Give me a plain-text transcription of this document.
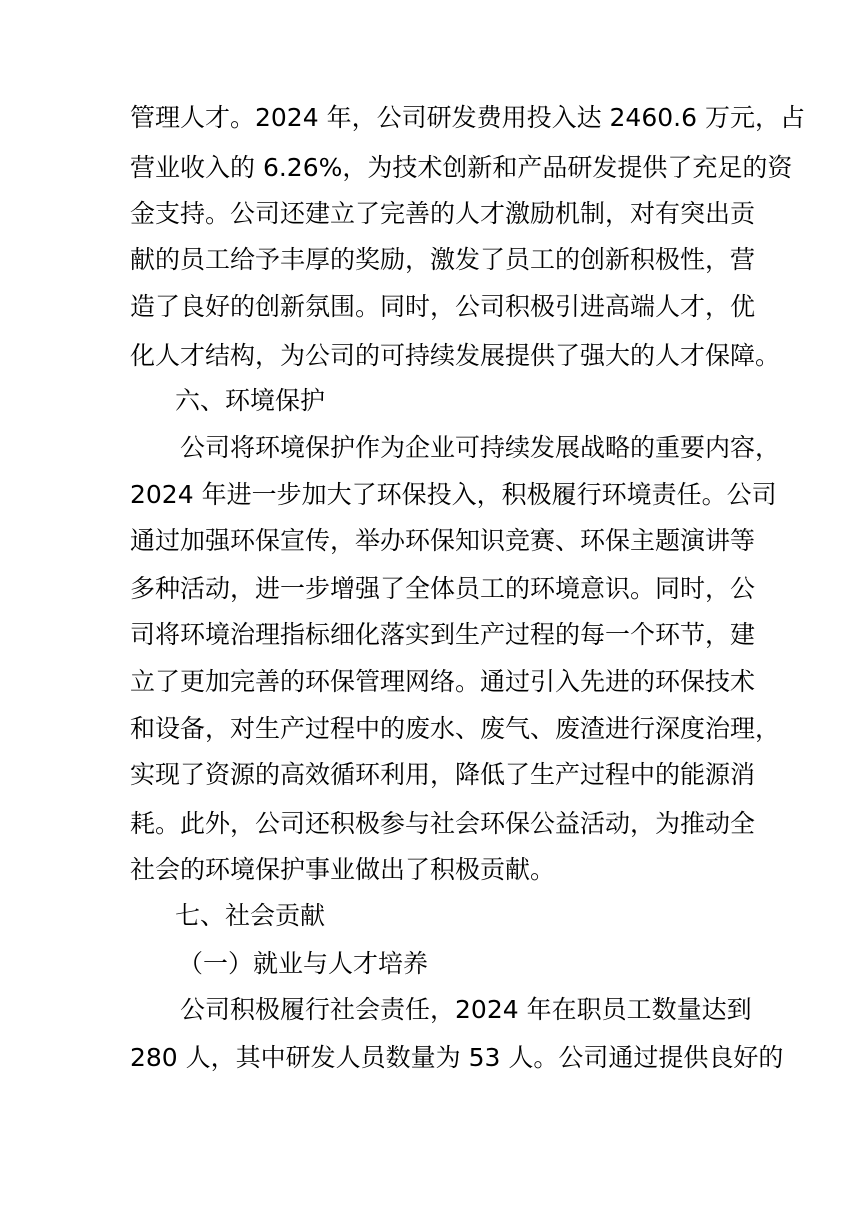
管理人才。2024 年，公司研发费用投入达 2460.6 万元，占
营业收入的 6.26%，为技术创新和产品研发提供了充足的资
金支持。公司还建立了完善的人才激励机制，对有突出贡
献的员工给予丰厚的奖励，激发了员工的创新积极性，营
造了良好的创新氛围。同时，公司积极引进高端人才，优
化人才结构，为公司的可持续发展提供了强大的人才保障。
六、环境保护
公司将环境保护作为企业可持续发展战略的重要内容，
2024 年进一步加大了环保投入，积极履行环境责任。公司
通过加强环保宣传，举办环保知识竞赛、环保主题演讲等
多种活动，进一步增强了全体员工的环境意识。同时，公
司将环境治理指标细化落实到生产过程的每一个环节，建
立了更加完善的环保管理网络。通过引入先进的环保技术
和设备，对生产过程中的废水、废气、废渣进行深度治理，
实现了资源的高效循环利用，降低了生产过程中的能源消
耗。此外，公司还积极参与社会环保公益活动，为推动全
社会的环境保护事业做出了积极贡献。
七、社会贡献
（一）就业与人才培养
公司积极履行社会责任，2024 年在职员工数量达到
280 人，其中研发人员数量为 53 人。公司通过提供良好的
